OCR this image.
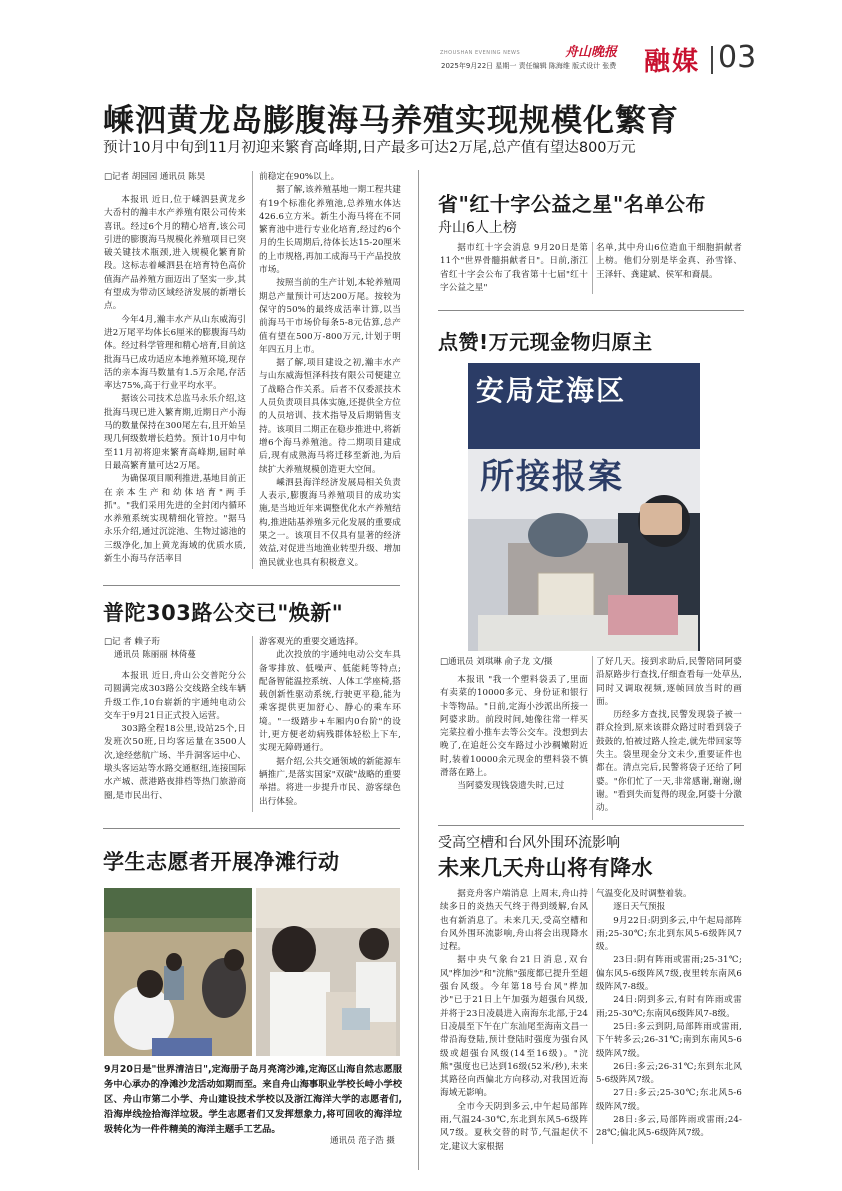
ZHOUSHAN EVENING NEWS	舟山晚报
2025年9月22日 星期一 责任编辑 陈海维 版式设计 张费 融媒 03
嵊泗黄龙岛膨腹海马养殖实现规模化繁育
预计10月中旬到11月初迎来繁育高峰期,日产最多可达2万尾,总产值有望达800万元
□记者 胡园园 通讯员 陈昊

本报讯 近日,位于嵊泗县黄龙乡大岙村的瀚丰水产养殖有限公司传来喜讯。经过6个月的精心培育,该公司引进的膨腹海马规模化养殖项目已突破关键技术瓶颈,进入规模化繁育阶段。这标志着嵊泗县在培育特色高价值海产品养殖方面迈出了坚实一步,其有望成为带动区域经济发展的新增长点。

今年4月,瀚丰水产从山东威海引进2万尾平均体长6厘米的膨腹海马幼体。经过科学管理和精心培育,目前这批海马已成功适应本地养殖环境,现存活的亲本海马数量有1.5万余尾,存活率达75%,高于行业平均水平。

据该公司技术总监马永乐介绍,这批海马现已进入繁育期,近期日产小海马的数量保持在300尾左右,且开始呈现几何级数增长趋势。预计10月中旬至11月初将迎来繁育高峰期,届时单日最高繁育量可达2万尾。

为确保项目顺利推进,基地目前正在亲本生产和幼体培育"两手抓"。"我们采用先进的全封闭内循环水养殖系统实现精细化管控。"据马永乐介绍,通过沉淀池、生物过滤池的三级净化,加上黄龙海域的优质水质,新生小海马存活率目

前稳定在90%以上。

据了解,该养殖基地一期工程共建有19个标准化养殖池,总养殖水体达426.6立方米。新生小海马将在不同繁育池中进行专业化培育,经过约6个月的生长周期后,待体长达15-20厘米的上市规格,再加工成海马干产品投放市场。

按照当前的生产计划,本轮养殖周期总产量预计可达200万尾。按较为保守的50%的最终成活率计算,以当前海马干市场价每条5-8元估算,总产值有望在500万-800万元,计划于明年四五月上市。

据了解,项目建设之初,瀚丰水产与山东威海恒泽科技有限公司便建立了战略合作关系。后者不仅委派技术人员负责项目具体实施,还提供全方位的人员培训、技术指导及后期销售支持。该项目二期正在稳步推进中,将新增6个海马养殖池。待二期项目建成后,现有成熟海马将迁移至新池,为后续扩大养殖规模创造更大空间。

嵊泗县海洋经济发展局相关负责人表示,膨腹海马养殖项目的成功实施,是当地近年来调整优化水产养殖结构,推进陆基养殖多元化发展的重要成果之一。该项目不仅具有显著的经济效益,对促进当地渔业转型升级、增加渔民就业也具有积极意义。

省"红十字公益之星"名单公布
舟山6人上榜

据市红十字会消息 9月20日是第11个"世界骨髓捐献者日"。日前,浙江省红十字会公布了我省第十七届"红十字公益之星"

名单,其中舟山6位造血干细胞捐献者上榜。他们分别是毕金真、孙雪锋、王泽轩、龚建斌、侯军和裔晨。

点赞!万元现金物归原主
安局定海区
所接报案
□通讯员 刘琪琳 俞子龙 文/摄

本报讯 "我一个塑料袋丢了,里面有卖菜的10000多元、身份证和银行卡等物品。"日前,定海小沙派出所接一阿婆求助。前段时间,她像往常一样买完菜拉着小推车去等公交车。没想到去晚了,在追赶公交车路过小沙稠嫩附近时,装着10000余元现金的塑料袋不慎滑落在路上。

当阿婆发现钱袋遗失时,已过

了好几天。接到求助后,民警陪同阿婆沿原路步行查找,仔细查看每一处草丛,同时又调取视频,逐帧回放当时的画面。

历经多方查找,民警发现袋子被一群众捡到,原来该群众路过时看到袋子鼓鼓的,怕被过路人捡走,就先带回家等失主。袋里现金分文未少,重要证件也都在。清点完后,民警将袋子还给了阿婆。"你们忙了一天,非常感谢,谢谢,谢谢。"看到失而复得的现金,阿婆十分激动。

普陀303路公交已"焕新"
□记 者 赖子珩
通讯员 陈丽丽 林倚蔓

本报讯 近日,舟山公交普陀分公司圆满完成303路公交线路全线车辆升级工作,10台崭新的宇通纯电动公交车于9月21日正式投入运营。

303路全程18公里,设站25个,日发班次50班,日均客运量在3500人次,途经慈航广场、半升洞客运中心、墩头客运站等水路交通枢纽,连接国际水产城、蔗港路夜排档等热门旅游商圈,是市民出行、

游客观光的重要交通选择。

此次投放的宇通纯电动公交车具备零排放、低噪声、低能耗等特点;配备智能温控系统、人体工学座椅,搭载创新性驱动系统,行驶更平稳,能为乘客提供更加舒心、静心的乘车环境。"一级踏步+车厢内0台阶"的设计,更方便老幼病残群体轻松上下车,实现无障碍通行。

据介绍,公共交通领域的新能源车辆推广,是落实国家"双碳"战略的重要举措。将进一步提升市民、游客绿色出行体验。

学生志愿者开展净滩行动
9月20日是"世界清洁日",定海册子岛月亮湾沙滩,定海区山海自然志愿服务中心承办的净滩沙龙活动如期而至。来自舟山海事职业学校长峙小学校区、舟山市第二小学、舟山建设技术学校以及浙江海洋大学的志愿者们,沿海岸线捡拾海洋垃圾。学生志愿者们又发挥想象力,将可回收的海洋垃圾转化为一件件精美的海洋主题手工艺品。
通讯员 范子浩 摄
受高空槽和台风外围环流影响
未来几天舟山将有降水

据竞舟客户端消息 上周末,舟山持续多日的炎热天气终于得到缓解,台风也有新消息了。未来几天,受高空槽和台风外围环流影响,舟山将会出现降水过程。

据中央气象台21日消息,双台风"桦加沙"和"浣熊"强度都已提升至超强台风级。今年第18号台风"桦加沙"已于21日上午加强为超强台风级,并将于23日凌晨进入南海东北部,于24日凌晨至下午在广东汕尾至海南文昌一带沿海登陆,预计登陆时强度为强台风级或超强台风级(14至16级)。"浣熊"强度也已达到16级(52米/秒),未来其路径向西偏北方向移动,对我国近海海域无影响。

全市今天阴到多云,中午起局部阵雨,气温24-30℃,东北到东风5-6级阵风7级。夏秋交替的时节,气温起伏不定,建议大家根据

气温变化及时调整着装。

逐日天气预报

9月22日:阴到多云,中午起局部阵雨;25-30℃;东北到东风5-6级阵风7级。

23日:阴有阵雨或雷雨;25-31℃;偏东风5-6级阵风7级,夜里转东南风6级阵风7-8级。

24日:阴到多云,有时有阵雨或雷雨;25-30℃;东南风6级阵风7-8级。

25日:多云到阴,局部阵雨或雷雨,下午转多云;26-31℃;南到东南风5-6级阵风7级。

26日:多云;26-31℃;东到东北风5-6级阵风7级。

27日:多云;25-30℃;东北风5-6级阵风7级。

28日:多云,局部阵雨或雷雨;24-28℃;偏北风5-6级阵风7级。
